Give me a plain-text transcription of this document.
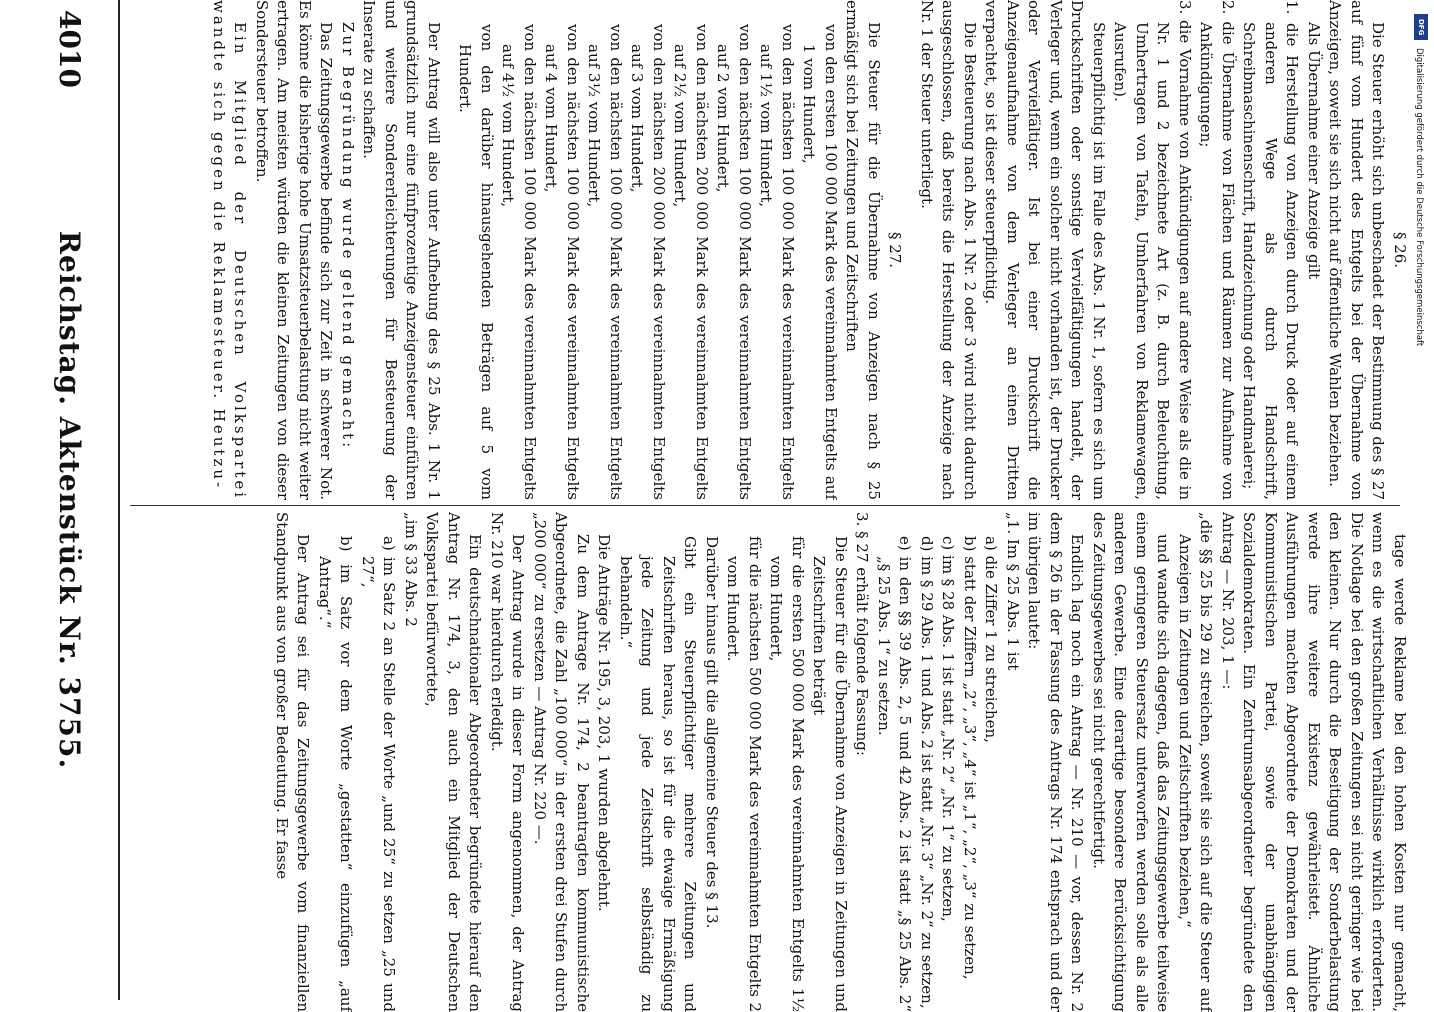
4010
Reichstag. Aktenstück Nr. 3755.	§ 26.

Die Steuer erhöht sich unbeschadet der Bestimmung des § 27 auf fünf vom Hundert des Entgelts bei der Übernahme von Anzeigen, soweit sie sich nicht auf öffentliche Wahlen beziehen.

Als Übernahme einer Anzeige gilt

1. die Herstellung von Anzeigen durch Druck oder auf einem anderen Wege als durch Handschrift, Schreibmaschinenschrift, Handzeichnung oder Handmalerei;

2. die Übernahme von Flächen und Räumen zur Aufnahme von Ankündigungen;

3. die Vornahme von Ankündigungen auf andere Weise als die in Nr. 1 und 2 bezeichnete Art (z. B. durch Beleuchtung, Umhertragen von Tafeln, Umherfahren von Reklamewagen, Ausrufen).

Steuerpflichtig ist im Falle des Abs. 1 Nr. 1, sofern es sich um Druckschriften oder sonstige Vervielfältigungen handelt, der Verleger und, wenn ein solcher nicht vorhanden ist, der Drucker oder Vervielfältiger. Ist bei einer Druckschrift die Anzeigenaufnahme von dem Verleger an einen Dritten verpachtet, so ist dieser steuerpflichtig.

Die Besteuerung nach Abs. 1 Nr. 2 oder 3 wird nicht dadurch ausgeschlossen, daß bereits die Herstellung der Anzeige nach Nr. 1 der Steuer unterliegt.

§ 27.

Die Steuer für die Übernahme von Anzeigen nach § 25 ermäßigt sich bei Zeitungen und Zeitschriften

von den ersten 100 000 Mark des vereinnahmten Entgelts auf 1 vom Hundert,

von den nächsten 100 000 Mark des vereinnahmten Entgelts auf 1½ vom Hundert,

von den nächsten 100 000 Mark des vereinnahmten Entgelts auf 2 vom Hundert,

von den nächsten 200 000 Mark des vereinnahmten Entgelts auf 2½ vom Hundert,

von den nächsten 200 000 Mark des vereinnahmten Entgelts auf 3 vom Hundert,

von den nächsten 100 000 Mark des vereinnahmten Entgelts auf 3½ vom Hundert,

von den nächsten 100 000 Mark des vereinnahmten Entgelts auf 4 vom Hundert,

von den nächsten 100 000 Mark des vereinnahmten Entgelts auf 4½ vom Hundert,

von den darüber hinausgehenden Beträgen auf 5 vom Hundert.

Der Antrag will also unter Aufhebung des § 25 Abs. 1 Nr. 1 grundsätzlich nur eine fünfprozentige Anzeigensteuer einführen und weitere Sondererleichterungen für Besteuerung der Inserate zu schaffen.

Zur Begründung wurde geltend gemacht:

Das Zeitungsgewerbe befinde sich zur Zeit in schwerer Not. Es könne die bisherige hohe Umsatzsteuerbelastung nicht weiter ertragen. Am meisten würden die kleinen Zeitungen von dieser Sondersteuer betroffen.

Ein Mitglied der Deutschen Volkspartei wandte sich gegen die Reklamesteuer. Heutzu-

tage werde Reklame bei den hohen Kosten nur gemacht, wenn es die wirtschaftlichen Verhältnisse wirklich erforderten. Die Notlage bei den großen Zeitungen sei nicht geringer wie bei den kleinen. Nur durch die Beseitigung der Sonderbelastung werde ihre weitere Existenz gewährleistet. Ähnliche Ausführungen machten Abgeordnete der Demokraten und der Kommunistischen Partei, sowie der unabhängigen Sozialdemokraten. Ein Zentrumsabgeordneter begründete den Antrag — Nr. 203, 1 —:

„die §§ 25 bis 29 zu streichen, soweit sie sich auf die Steuer auf Anzeigen in Zeitungen und Zeitschriften beziehen,“

und wandte sich dagegen, daß das Zeitungsgewerbe teilweise einem geringeren Steuersatz unterworfen werden solle als alle anderen Gewerbe. Eine derartige besondere Berücksichtigung des Zeitungsgewerbes sei nicht gerechtfertigt.

Endlich lag noch ein Antrag — Nr. 210 — vor, dessen Nr. 2 dem § 26 in der Fassung des Antrags Nr. 174 entsprach und der im übrigen lautet:

„1. Im § 25 Abs. 1 ist

a) die Ziffer 1 zu streichen,

b) statt der Ziffern „2“, „3“, „4“ ist „1“, „2“, „3“ zu setzen,

c) im § 28 Abs. 1 ist statt „Nr. 2“ „Nr. 1“ zu setzen,

d) im § 29 Abs. 1 und Abs. 2 ist statt „Nr. 3“ „Nr. 2“ zu setzen,

e) in den §§ 39 Abs. 2, 5 und 42 Abs. 2 ist statt „§ 25 Abs. 2“ „§ 25 Abs. 1“ zu setzen.

3. § 27 erhält folgende Fassung:

Die Steuer für die Übernahme von Anzeigen in Zeitungen und Zeitschriften beträgt

für die ersten 500 000 Mark des vereinnahmten Entgelts 1½ vom Hundert,

für die nächsten 500 000 Mark des vereinnahmten Entgelts 2 vom Hundert.

Darüber hinaus gilt die allgemeine Steuer des § 13.

Gibt ein Steuerpflichtiger mehrere Zeitungen und Zeitschriften heraus, so ist für die etwaige Ermäßigung jede Zeitung und jede Zeitschrift selbständig zu behandeln.“

Die Anträge Nr. 195, 3, 203, 1 wurden abgelehnt.

Zu dem Antrage Nr. 174, 2 beantragten kommunistische Abgeordnete, die Zahl „100 000“ in der ersten drei Stufen durch „200 000“ zu ersetzen — Antrag Nr. 220 —.

Der Antrag wurde in dieser Form angenommen, der Antrag Nr. 210 war hierdurch erledigt.

Ein deutschnationaler Abgeordneter begründete hierauf den Antrag Nr. 174, 3, den auch ein Mitglied der Deutschen Volkspartei befürwortete,

„im § 33 Abs. 2

a) im Satz 2 an Stelle der Worte „und 25“ zu setzen „25 und 27“,

b) im Satz vor dem Worte „gestatten“ einzufügen „auf Antrag“.“

Der Antrag sei für das Zeitungsgewerbe vom finanziellen Standpunkt aus von großer Bedeutung. Er fasse

DFG
Digitalisierung gefördert durch die Deutsche Forschungsgemeinschaft
